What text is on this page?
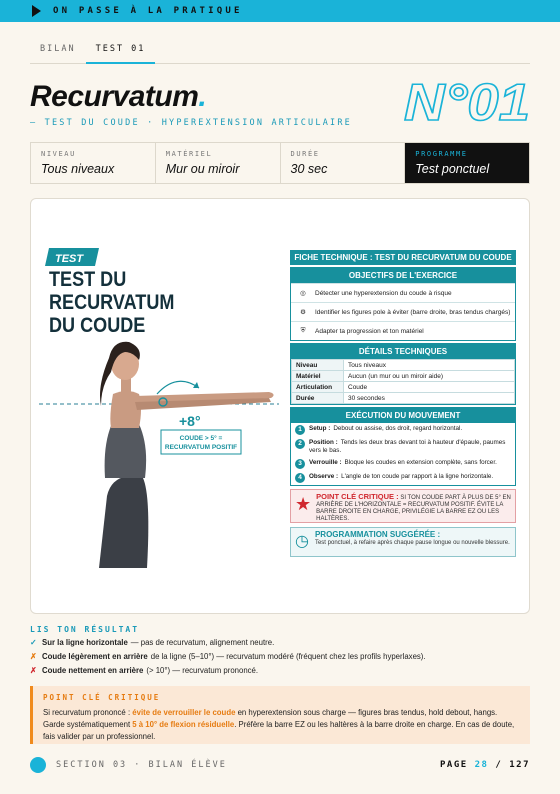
ON PASSE À LA PRATIQUE
BILAN	TEST 01
Recurvatum.
— TEST DU COUDE · HYPEREXTENSION ARTICULAIRE N°01
NIVEAU
Tous niveaux
MATÉRIEL
Mur ou miroir
DURÉE
30 sec
PROGRAMME
Test ponctuel
TEST
TEST DU RECURVATUM
DU COUDE
+8°
COUDE > 5° =
RECURVATUM POSITIF
FICHE TECHNIQUE : TEST DU RECURVATUM DU COUDE
OBJECTIFS DE L'EXERCICE
◎	Détecter une hyperextension du coude à risque
⚙	Identifier les figures pole à éviter (barre droite, bras tendus chargés)
⛨	Adapter ta progression et ton matériel
DÉTAILS TECHNIQUES
Niveau	Tous niveaux
Matériel	Aucun (un mur ou un miroir aide)
Articulation	Coude
Durée	30 secondes
EXÉCUTION DU MOUVEMENT
1	Setup : Debout ou assise, dos droit, regard horizontal.
2	Position : Tends les deux bras devant toi à hauteur d'épaule, paumes vers le bas.
3	Verrouille : Bloque les coudes en extension complète, sans forcer.
4	Observe : L'angle de ton coude par rapport à la ligne horizontale.
★ POINT CLÉ CRITIQUE : SI TON COUDE PART À PLUS DE 5° EN ARRIÈRE DE L'HORIZONTALE = RECURVATUM POSITIF. ÉVITE LA BARRE DROITE EN CHARGE, PRIVILÉGIE LA BARRE EZ OU LES HALTÈRES.
◷ PROGRAMMATION SUGGÉRÉE :
Test ponctuel, à refaire après chaque pause longue ou nouvelle blessure.
LIS TON RÉSULTAT
✓ Sur la ligne horizontale — pas de recurvatum, alignement neutre.
✗ Coude légèrement en arrière de la ligne (5–10°) — recurvatum modéré (fréquent chez les profils hyperlaxes).
✗ Coude nettement en arrière (> 10°) — recurvatum prononcé.
POINT CLÉ CRITIQUE
Si recurvatum prononcé : évite de verrouiller le coude en hyperextension sous charge — figures bras tendus, hold debout, hangs. Garde systématiquement 5 à 10° de flexion résiduelle. Préfère la barre EZ ou les haltères à la barre droite en charge. En cas de doute, fais valider par un professionnel.
SECTION 03 · BILAN ÉLÈVE	PAGE 28 / 127
